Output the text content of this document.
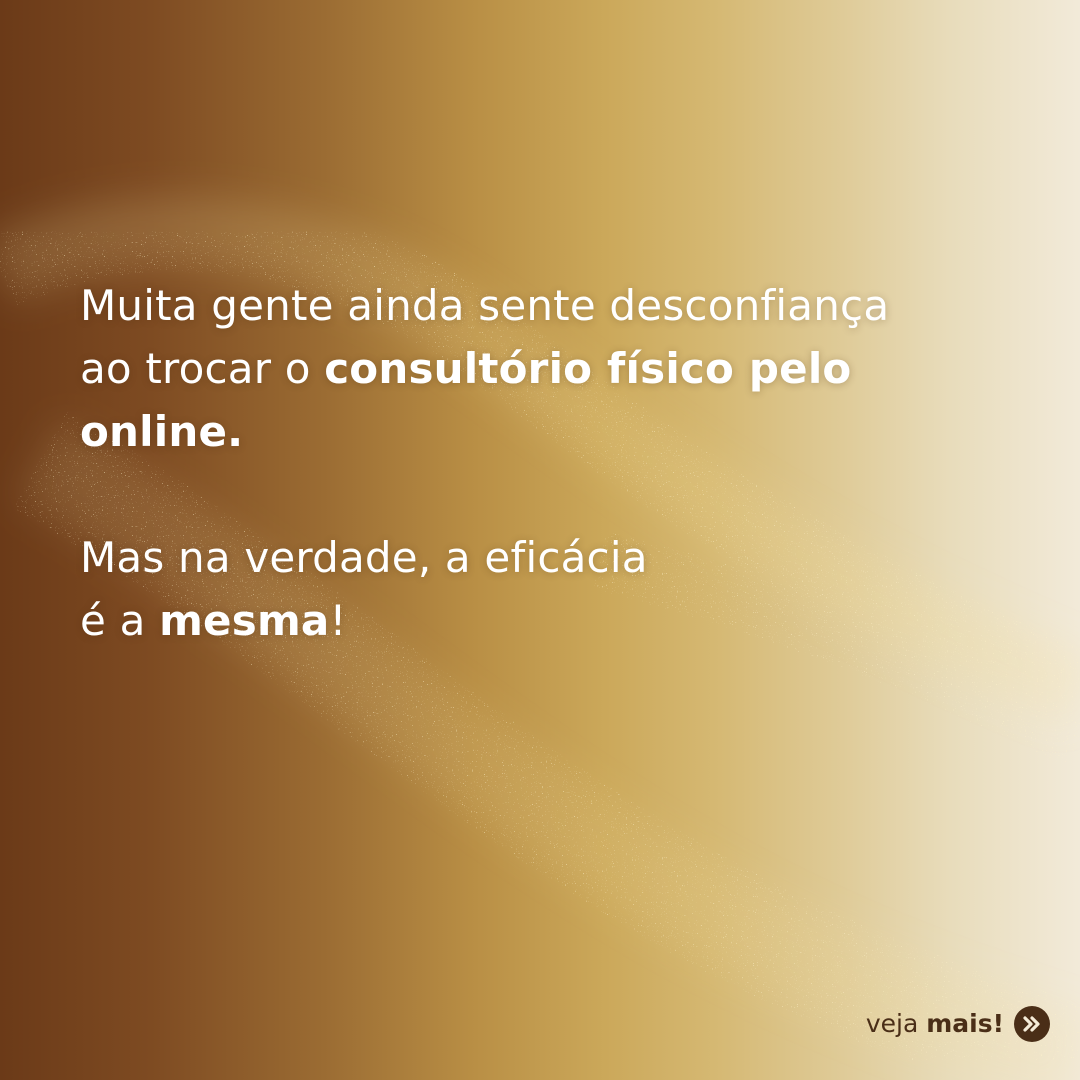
Muita gente ainda sente desconfiança
ao trocar o consultório físico pelo
online.
Mas na verdade, a eficácia
é a mesma!
veja mais!
